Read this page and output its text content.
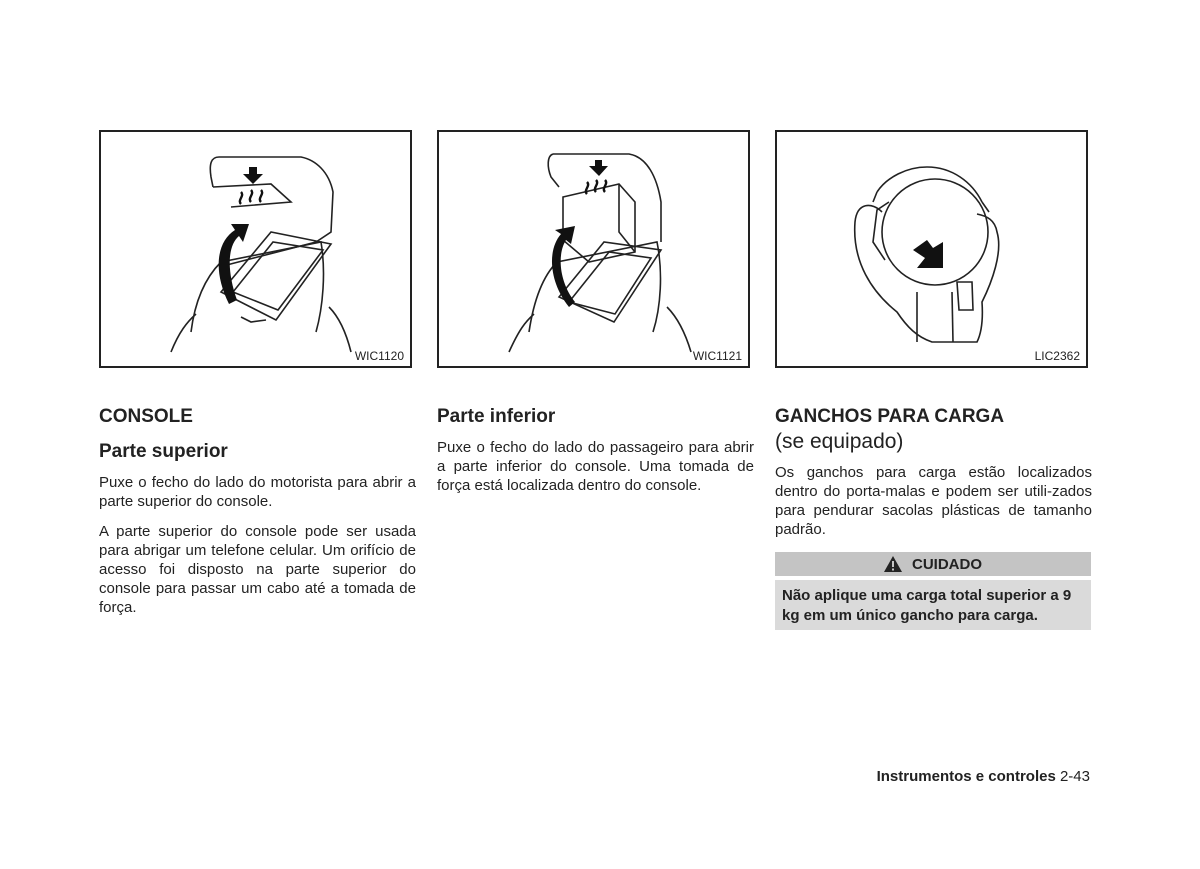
WIC1120	WIC1121	LIC2362
CONSOLE
Parte superior

Puxe o fecho do lado do motorista para abrir a parte superior do console.

A parte superior do console pode ser usada para abrigar um telefone celular. Um orifício de acesso foi disposto na parte superior do console para passar um cabo até a tomada de força.

Parte inferior

Puxe o fecho do lado do passageiro para abrir a parte inferior do console. Uma tomada de força está localizada dentro do console.

GANCHOS PARA CARGA
(se equipado)

Os ganchos para carga estão localizados dentro do porta-malas e podem ser utili-zados para pendurar sacolas plásticas de tamanho padrão.

CUIDADO
Não aplique uma carga total superior a 9 kg em um único gancho para carga.
Instrumentos e controles 2-43
